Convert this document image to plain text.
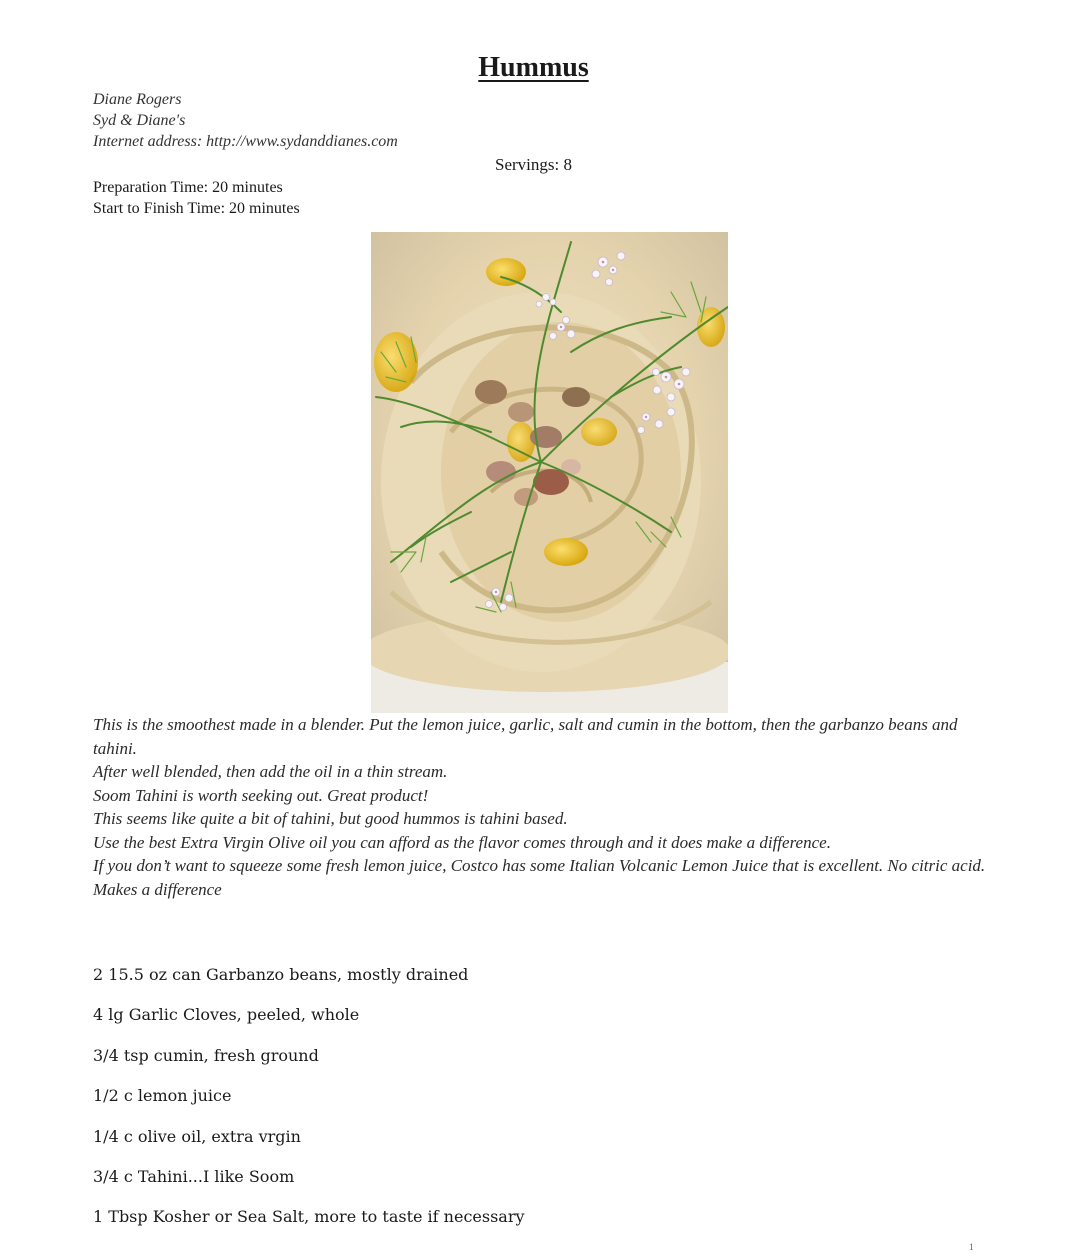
Hummus
Diane Rogers
Syd & Diane's
Internet address: http://www.sydanddianes.com
Servings: 8
Preparation Time: 20 minutes
Start to Finish Time: 20 minutes
This is the smoothest made in a blender. Put the lemon juice, garlic, salt and cumin in the bottom, then the garbanzo beans and tahini.
After well blended, then add the oil in a thin stream.
Soom Tahini is worth seeking out. Great product!
This seems like quite a bit of tahini, but good hummos is tahini based.
Use the best Extra Virgin Olive oil you can afford as the flavor comes through and it does make a difference.
If you don’t want to squeeze some fresh lemon juice, Costco has some Italian Volcanic Lemon Juice that is excellent. No citric acid. Makes a difference
2 15.5 oz can Garbanzo beans, mostly drained
4 lg Garlic Cloves, peeled, whole
3/4 tsp cumin, fresh ground
1/2 c lemon juice
1/4 c olive oil, extra vrgin
3/4 c Tahini...I like Soom
1 Tbsp Kosher or Sea Salt, more to taste if necessary
1
